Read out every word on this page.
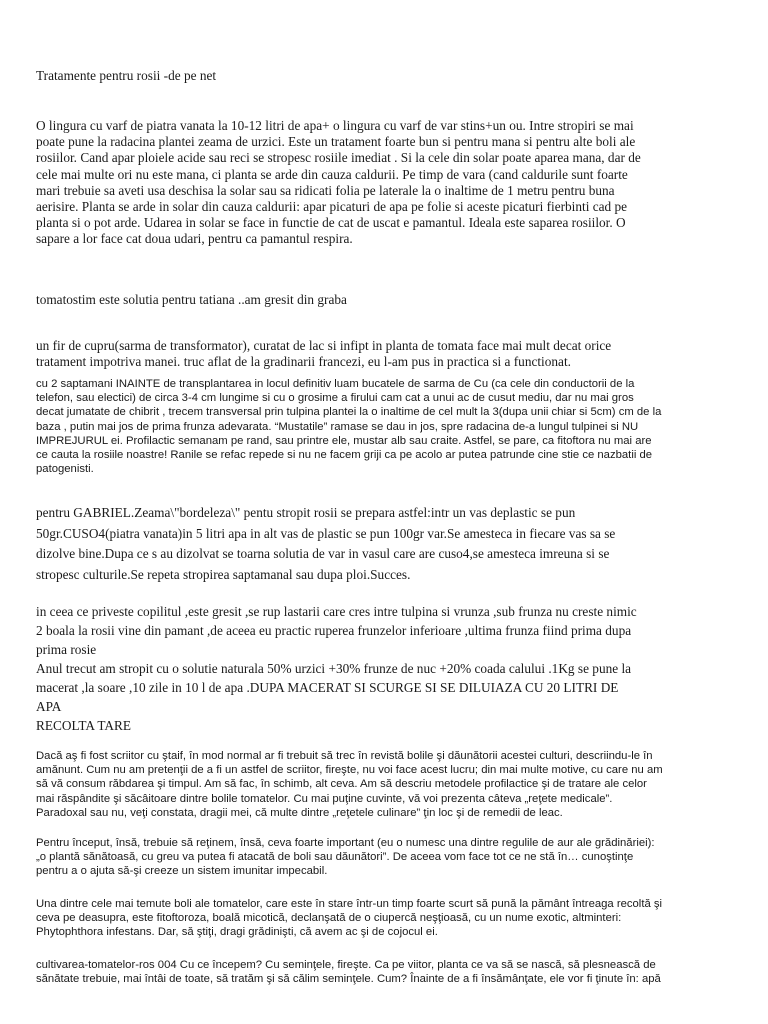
Tratamente pentru rosii -de pe net
O lingura cu varf de piatra vanata la 10-12 litri de apa+ o lingura cu varf de var stins+un ou. Intre stropiri se mai
poate pune la radacina plantei zeama de urzici. Este un tratament foarte bun si pentru mana si pentru alte boli ale
rosiilor. Cand apar ploiele acide sau reci se stropesc rosiile imediat . Si la cele din solar poate aparea mana, dar de
cele mai multe ori nu este mana, ci planta se arde din cauza caldurii. Pe timp de vara (cand caldurile sunt foarte
mari trebuie sa aveti usa deschisa la solar sau sa ridicati folia pe laterale la o inaltime de 1 metru pentru buna
aerisire. Planta se arde in solar din cauza caldurii: apar picaturi de apa pe folie si aceste picaturi fierbinti cad pe
planta si o pot arde. Udarea in solar se face in functie de cat de uscat e pamantul. Ideala este saparea rosiilor. O
sapare a lor face cat doua udari, pentru ca pamantul respira.
tomatostim este solutia pentru tatiana ..am gresit din graba
un fir de cupru(sarma de transformator), curatat de lac si infipt in planta de tomata face mai mult decat orice
tratament impotriva manei. truc aflat de la gradinarii francezi, eu l-am pus in practica si a functionat.
cu 2 saptamani INAINTE de transplantarea in locul definitiv luam bucatele de sarma de Cu (ca cele din conductorii de la
telefon, sau electici) de circa 3-4 cm lungime si cu o grosime a firului cam cat a unui ac de cusut mediu, dar nu mai gros
decat jumatate de chibrit , trecem transversal prin tulpina plantei la o inaltime de cel mult la 3(dupa unii chiar si 5cm) cm de la
baza , putin mai jos de prima frunza adevarata. “Mustatile” ramase se dau in jos, spre radacina de-a lungul tulpinei si NU
IMPREJURUL ei. Profilactic semanam pe rand, sau printre ele, mustar alb sau craite. Astfel, se pare, ca fitoftora nu mai are
ce cauta la rosiile noastre! Ranile se refac repede si nu ne facem griji ca pe acolo ar putea patrunde cine stie ce nazbatii de
patogenisti.
pentru GABRIEL.Zeama\"bordeleza\" pentu stropit rosii se prepara astfel:intr un vas deplastic se pun
50gr.CUSO4(piatra vanata)in 5 litri apa in alt vas de plastic se pun 100gr var.Se amesteca in fiecare vas sa se
dizolve bine.Dupa ce s au dizolvat se toarna solutia de var in vasul care are cuso4,se amesteca imreuna si se
stropesc culturile.Se repeta stropirea saptamanal sau dupa ploi.Succes.
in ceea ce priveste copilitul ,este gresit ,se rup lastarii care cres intre tulpina si vrunza ,sub frunza nu creste nimic
2 boala la rosii vine din pamant ,de aceea eu practic ruperea frunzelor inferioare ,ultima frunza fiind prima dupa
prima rosie
Anul trecut am stropit cu o solutie naturala 50% urzici +30% frunze de nuc +20% coada calului .1Kg se pune la
macerat ,la soare ,10 zile in 10 l de apa .DUPA MACERAT SI SCURGE SI SE DILUIAZA CU 20 LITRI DE
APA
RECOLTA TARE
Dacă aş fi fost scriitor cu ştaif, în mod normal ar fi trebuit să trec în revistă bolile şi dăunătorii acestei culturi, descriindu-le în
amănunt. Cum nu am pretenţii de a fi un astfel de scriitor, fireşte, nu voi face acest lucru; din mai multe motive, cu care nu am
să vă consum răbdarea şi timpul. Am să fac, în schimb, alt ceva. Am să descriu metodele profilactice şi de tratare ale celor
mai răspândite şi săcâitoare dintre bolile tomatelor. Cu mai puţine cuvinte, vă voi prezenta câteva „reţete medicale”.
Paradoxal sau nu, veţi constata, dragii mei, că multe dintre „reţetele culinare” ţin loc şi de remedii de leac.
Pentru început, însă, trebuie să reţinem, însă, ceva foarte important (eu o numesc una dintre regulile de aur ale grădinăriei):
„o plantă sănătoasă, cu greu va putea fi atacată de boli sau dăunători”. De aceea vom face tot ce ne stă în… cunoştinţe
pentru a o ajuta să-şi creeze un sistem imunitar impecabil.
Una dintre cele mai temute boli ale tomatelor, care este în stare într-un timp foarte scurt să pună la pământ întreaga recoltă şi
ceva pe deasupra, este fitoftoroza, boală micotică, declanşată de o ciupercă neşţioasă, cu un nume exotic, altminteri:
Phytophthora infestans. Dar, să ştiţi, dragi grădinişti, că avem ac şi de cojocul ei.
cultivarea-tomatelor-ros 004 Cu ce începem? Cu seminţele, fireşte. Ca pe viitor, planta ce va să se nască, să plesnească de
sănătate trebuie, mai întâi de toate, să tratăm şi să călim seminţele. Cum? Înainte de a fi însămânţate, ele vor fi ţinute în: apă
